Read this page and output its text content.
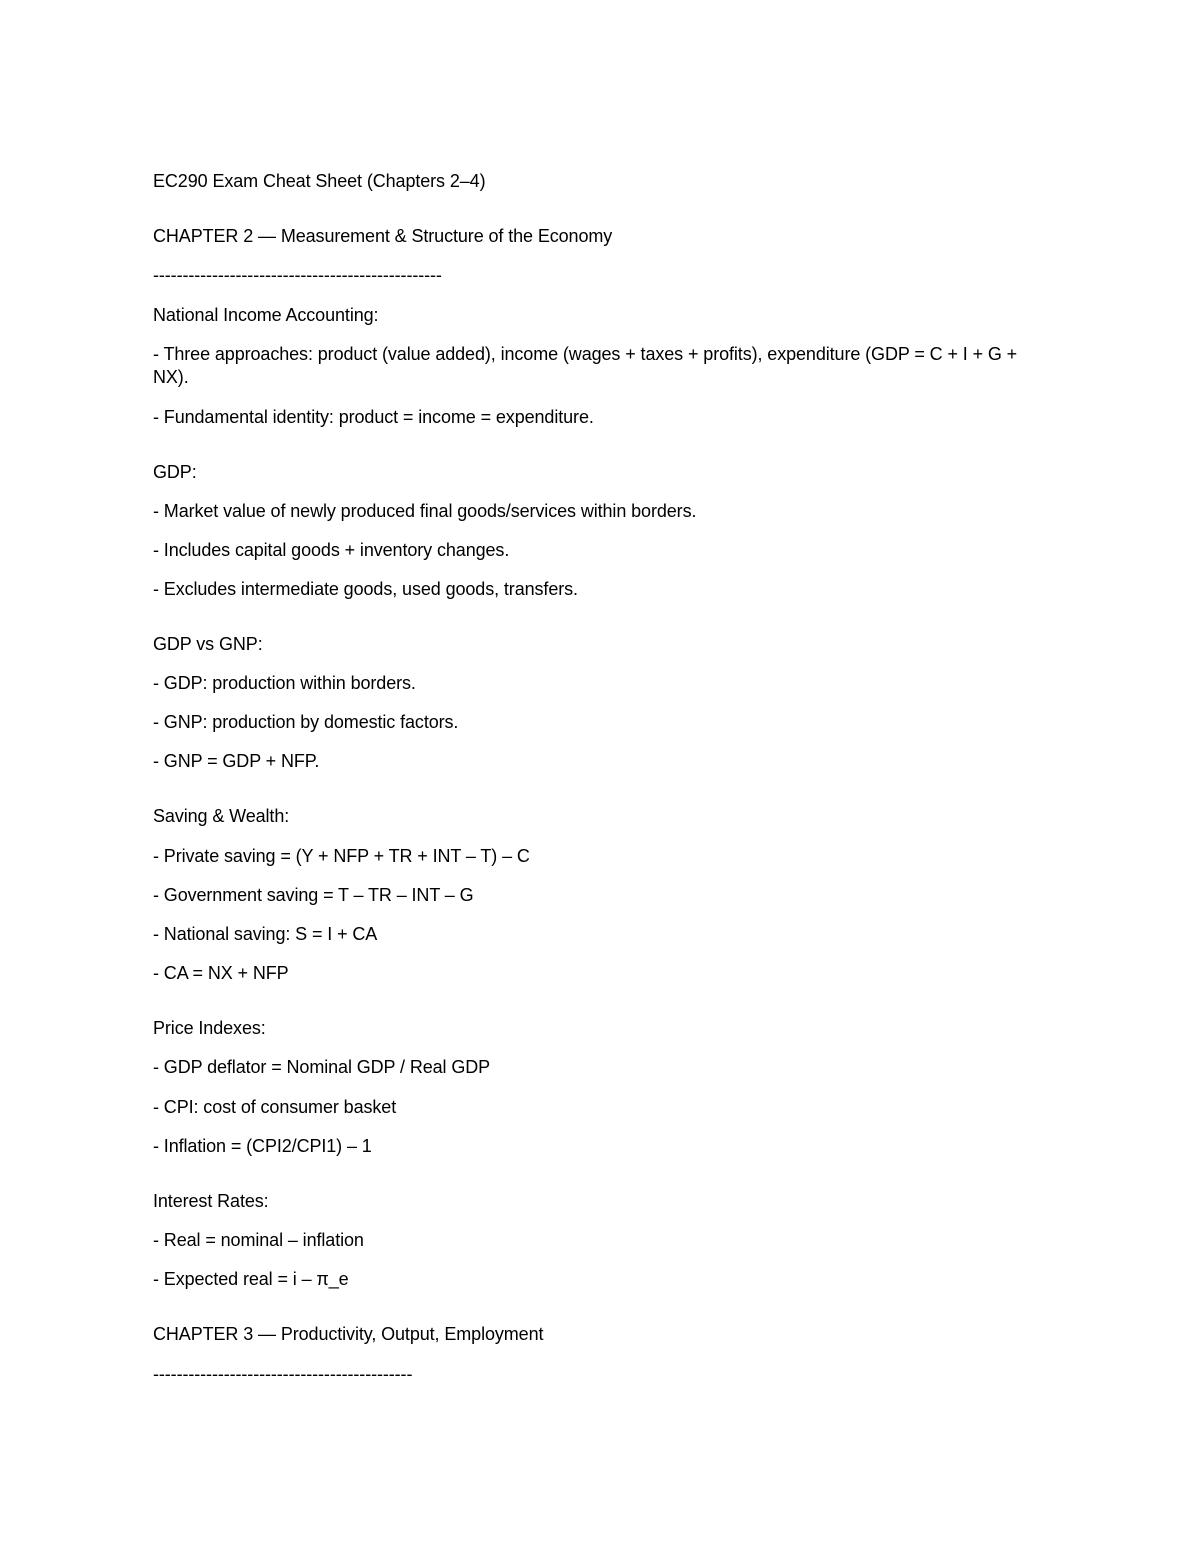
EC290 Exam Cheat Sheet (Chapters 2–4)
CHAPTER 2 — Measurement & Structure of the Economy
-------------------------------------------------
National Income Accounting:
- Three approaches: product (value added), income (wages + taxes + profits), expenditure (GDP = C + I + G + NX).
- Fundamental identity: product = income = expenditure.
GDP:
- Market value of newly produced final goods/services within borders.
- Includes capital goods + inventory changes.
- Excludes intermediate goods, used goods, transfers.
GDP vs GNP:
- GDP: production within borders.
- GNP: production by domestic factors.
- GNP = GDP + NFP.
Saving & Wealth:
- Private saving = (Y + NFP + TR + INT – T) – C
- Government saving = T – TR – INT – G
- National saving: S = I + CA
- CA = NX + NFP
Price Indexes:
- GDP deflator = Nominal GDP / Real GDP
- CPI: cost of consumer basket
- Inflation = (CPI2/CPI1) – 1
Interest Rates:
- Real = nominal – inflation
- Expected real = i – π_e
CHAPTER 3 — Productivity, Output, Employment
--------------------------------------------
